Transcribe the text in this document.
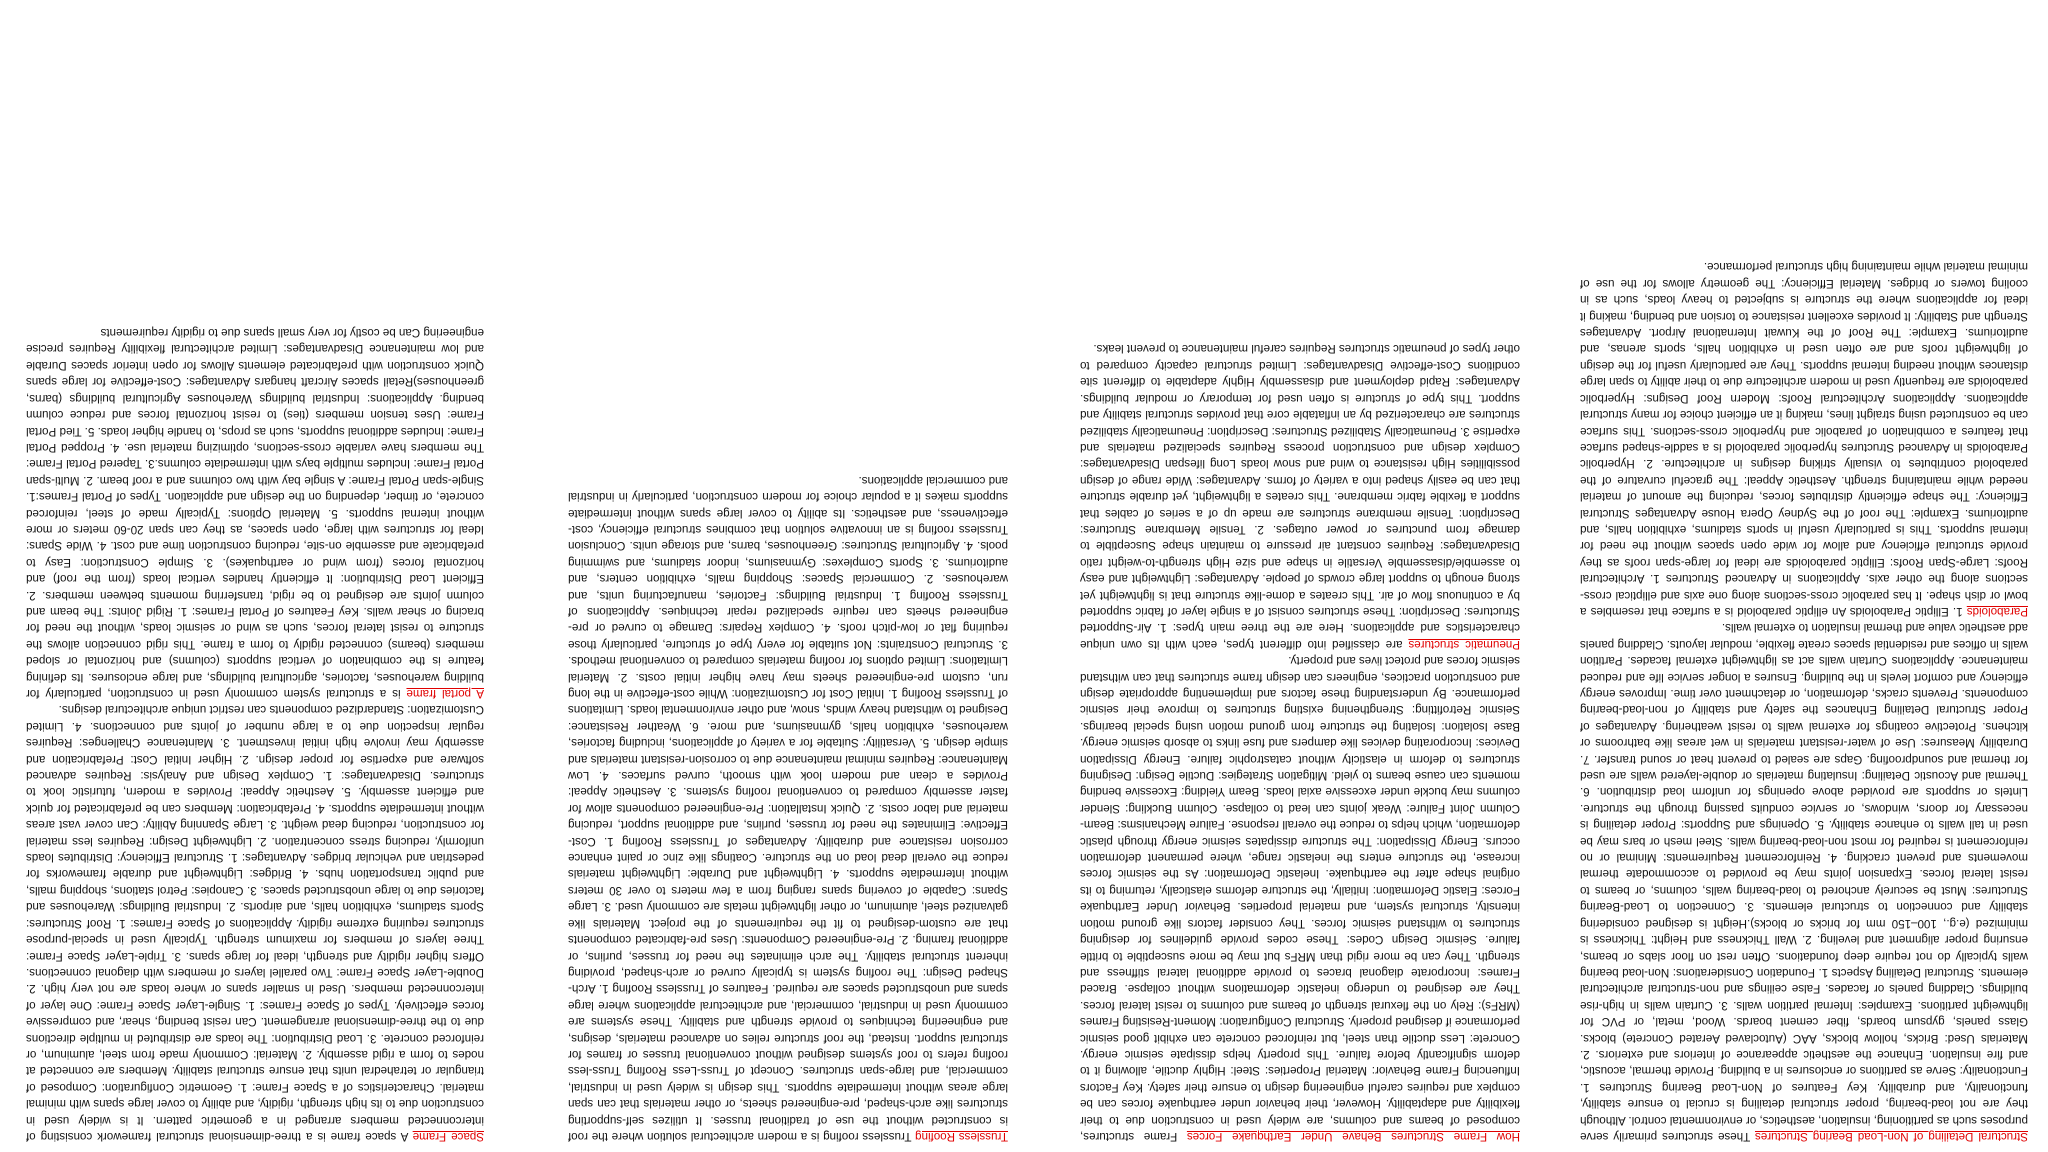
Structural Detailing of Non-Load Bearing Structures These structures primarily serve purposes such as partitioning, insulation, aesthetics, or environmental control. Although they are not load-bearing, proper structural detailing is crucial to ensure stability, functionality, and durability. Key Features of Non-Load Bearing Structures 1. Functionality: Serve as partitions or enclosures in a building. Provide thermal, acoustic, and fire insulation. Enhance the aesthetic appearance of interiors and exteriors. 2. Materials Used: Bricks, hollow blocks, AAC (Autoclaved Aerated Concrete) blocks. Glass panels, gypsum boards, fiber cement boards. Wood, metal, or PVC for lightweight partitions. Examples: Internal partition walls. 3. Curtain walls in high-rise buildings. Cladding panels or facades. False ceilings and non-structural architectural elements. Structural Detailing Aspects 1. Foundation Considerations: Non-load bearing walls typically do not require deep foundations. Often rest on floor slabs or beams, ensuring proper alignment and leveling. 2. Wall Thickness and Height: Thickness is minimized (e.g., 100–150 mm for bricks or blocks).Height is designed considering stability and connection to structural elements. 3. Connection to Load-Bearing Structures: Must be securely anchored to load-bearing walls, columns, or beams to resist lateral forces. Expansion joints may be provided to accommodate thermal movements and prevent cracking. 4. Reinforcement Requirements: Minimal or no reinforcement is required for most non-load-bearing walls. Steel mesh or bars may be used in tall walls to enhance stability. 5. Openings and Supports: Proper detailing is necessary for doors, windows, or service conduits passing through the structure. Lintels or supports are provided above openings for uniform load distribution. 6. Thermal and Acoustic Detailing: Insulating materials or double-layered walls are used for thermal and soundproofing. Gaps are sealed to prevent heat or sound transfer. 7. Durability Measures: Use of water-resistant materials in wet areas like bathrooms or kitchens. Protective coatings for external walls to resist weathering. Advantages of Proper Structural Detailing Enhances the safety and stability of non-load-bearing components. Prevents cracks, deformation, or detachment over time. Improves energy efficiency and comfort levels in the building. Ensures a longer service life and reduced maintenance. Applications Curtain walls act as lightweight external facades. Partition walls in offices and residential spaces create flexible, modular layouts. Cladding panels add aesthetic value and thermal insulation to external walls.

Paraboloids 1. Elliptic Paraboloids An elliptic paraboloid is a surface that resembles a bowl or dish shape. It has parabolic cross-sections along one axis and elliptical cross-sections along the other axis. Applications in Advanced Structures 1. Architectural Roofs: Large-Span Roofs: Elliptic paraboloids are ideal for large-span roofs as they provide structural efficiency and allow for wide open spaces without the need for internal supports. This is particularly useful in sports stadiums, exhibition halls, and auditoriums. Example: The roof of the Sydney Opera House Advantages Structural Efficiency: The shape efficiently distributes forces, reducing the amount of material needed while maintaining strength. Aesthetic Appeal: The graceful curvature of the paraboloid contributes to visually striking designs in architecture. 2. Hyperbolic Paraboloids in Advanced Structures hyperbolic paraboloid is a saddle-shaped surface that features a combination of parabolic and hyperbolic cross-sections. This surface can be constructed using straight lines, making it an efficient choice for many structural applications. Applications Architectural Roofs: Modern Roof Designs: Hyperbolic paraboloids are frequently used in modern architecture due to their ability to span large distances without needing internal supports. They are particularly useful for the design of lightweight roofs and are often used in exhibition halls, sports arenas, and auditoriums. Example: The Roof of the Kuwait International Airport. Advantages Strength and Stability: It provides excellent resistance to torsion and bending, making it ideal for applications where the structure is subjected to heavy loads, such as in cooling towers or bridges. Material Efficiency: The geometry allows for the use of minimal material while maintaining high structural performance.

How Frame Structures Behave Under Earthquake Forces Frame structures, composed of beams and columns, are widely used in construction due to their flexibility and adaptability. However, their behavior under earthquake forces can be complex and requires careful engineering design to ensure their safety. Key Factors Influencing Frame Behavior: Material Properties: Steel: Highly ductile, allowing it to deform significantly before failure. This property helps dissipate seismic energy. Concrete: Less ductile than steel, but reinforced concrete can exhibit good seismic performance if designed properly. Structural Configuration: Moment-Resisting Frames (MRFs): Rely on the flexural strength of beams and columns to resist lateral forces. They are designed to undergo inelastic deformations without collapse. Braced Frames: Incorporate diagonal braces to provide additional lateral stiffness and strength. They can be more rigid than MRFs but may be more susceptible to brittle failure. Seismic Design Codes: These codes provide guidelines for designing structures to withstand seismic forces. They consider factors like ground motion intensity, structural system, and material properties. Behavior Under Earthquake Forces: Elastic Deformation: Initially, the structure deforms elastically, returning to its original shape after the earthquake. Inelastic Deformation: As the seismic forces increase, the structure enters the inelastic range, where permanent deformation occurs. Energy Dissipation: The structure dissipates seismic energy through plastic deformation, which helps to reduce the overall response. Failure Mechanisms: Beam-Column Joint Failure: Weak joints can lead to collapse. Column Buckling: Slender columns may buckle under excessive axial loads. Beam Yielding: Excessive bending moments can cause beams to yield. Mitigation Strategies: Ductile Design: Designing structures to deform in elasticity without catastrophic failure. Energy Dissipation Devices: Incorporating devices like dampers and fuse links to absorb seismic energy. Base Isolation: Isolating the structure from ground motion using special bearings. Seismic Retrofitting: Strengthening existing structures to improve their seismic performance. By understanding these factors and implementing appropriate design and construction practices, engineers can design frame structures that can withstand seismic forces and protect lives and property.

Pneumatic structures are classified into different types, each with its own unique characteristics and applications. Here are the three main types: 1. Air-Supported Structures: Description: These structures consist of a single layer of fabric supported by a continuous flow of air. This creates a dome-like structure that is lightweight yet strong enough to support large crowds of people. Advantages: Lightweight and easy to assemble/disassemble Versatile in shape and size High strength-to-weight ratio Disadvantages: Requires constant air pressure to maintain shape Susceptible to damage from punctures or power outages. 2. Tensile Membrane Structures: Description: Tensile membrane structures are made up of a series of cables that support a flexible fabric membrane. This creates a lightweight, yet durable structure that can be easily shaped into a variety of forms. Advantages: Wide range of design possibilities High resistance to wind and snow loads Long lifespan Disadvantages: Complex design and construction process Requires specialized materials and expertise 3. Pneumatically Stabilized Structures: Description: Pneumatically stabilized structures are characterized by an inflatable core that provides structural stability and support. This type of structure is often used for temporary or modular buildings. Advantages: Rapid deployment and disassembly Highly adaptable to different site conditions Cost-effective Disadvantages: Limited structural capacity compared to other types of pneumatic structures Requires careful maintenance to prevent leaks.

Trussless Roofing Trussless roofing is a modern architectural solution where the roof is constructed without the use of traditional trusses. It utilizes self-supporting structures like arch-shaped, pre-engineered sheets, or other materials that can span large areas without intermediate supports. This design is widely used in industrial, commercial, and large-span structures. Concept of Truss-Less Roofing Truss-less roofing refers to roof systems designed without conventional trusses or frames for structural support. Instead, the roof structure relies on advanced materials, designs, and engineering techniques to provide strength and stability. These systems are commonly used in industrial, commercial, and architectural applications where large spans and unobstructed spaces are required. Features of Trussless Roofing 1. Arch-Shaped Design: The roofing system is typically curved or arch-shaped, providing inherent structural stability. The arch eliminates the need for trusses, purlins, or additional framing. 2. Pre-engineered Components: Uses pre-fabricated components that are custom-designed to fit the requirements of the project. Materials like galvanized steel, aluminum, or other lightweight metals are commonly used. 3. Large Spans: Capable of covering spans ranging from a few meters to over 30 meters without intermediate supports. 4. Lightweight and Durable: Lightweight materials reduce the overall dead load on the structure. Coatings like zinc or paint enhance corrosion resistance and durability. Advantages of Trussless Roofing 1. Cost-Effective: Eliminates the need for trusses, purlins, and additional support, reducing material and labor costs. 2. Quick Installation: Pre-engineered components allow for faster assembly compared to conventional roofing systems. 3. Aesthetic Appeal: Provides a clean and modern look with smooth, curved surfaces. 4. Low Maintenance: Requires minimal maintenance due to corrosion-resistant materials and simple design. 5. Versatility: Suitable for a variety of applications, including factories, warehouses, exhibition halls, gymnasiums, and more. 6. Weather Resistance: Designed to withstand heavy winds, snow, and other environmental loads. Limitations of Trussless Roofing 1. Initial Cost for Customization: While cost-effective in the long run, custom pre-engineered sheets may have higher initial costs. 2. Material Limitations: Limited options for roofing materials compared to conventional methods. 3. Structural Constraints: Not suitable for every type of structure, particularly those requiring flat or low-pitch roofs. 4. Complex Repairs: Damage to curved or pre-engineered sheets can require specialized repair techniques. Applications of Trussless Roofing 1. Industrial Buildings: Factories, manufacturing units, and warehouses. 2. Commercial Spaces: Shopping malls, exhibition centers, and auditoriums. 3. Sports Complexes: Gymnasiums, indoor stadiums, and swimming pools. 4. Agricultural Structures: Greenhouses, barns, and storage units. Conclusion Trussless roofing is an innovative solution that combines structural efficiency, cost-effectiveness, and aesthetics. Its ability to cover large spans without intermediate supports makes it a popular choice for modern construction, particularly in industrial and commercial applications.

Space Frame A space frame is a three-dimensional structural framework consisting of interconnected members arranged in a geometric pattern. It is widely used in construction due to its high strength, rigidity, and ability to cover large spans with minimal material. Characteristics of a Space Frame: 1. Geometric Configuration: Composed of triangular or tetrahedral units that ensure structural stability. Members are connected at nodes to form a rigid assembly. 2. Material: Commonly made from steel, aluminum, or reinforced concrete. 3. Load Distribution: The loads are distributed in multiple directions due to the three-dimensional arrangement. Can resist bending, shear, and compressive forces effectively. Types of Space Frames: 1. Single-Layer Space Frame: One layer of interconnected members. Used in smaller spans or where loads are not very high. 2. Double-Layer Space Frame: Two parallel layers of members with diagonal connections. Offers higher rigidity and strength, ideal for large spans. 3. Triple-Layer Space Frame: Three layers of members for maximum strength. Typically used in special-purpose structures requiring extreme rigidity. Applications of Space Frames: 1. Roof Structures: Sports stadiums, exhibition halls, and airports. 2. Industrial Buildings: Warehouses and factories due to large unobstructed spaces. 3. Canopies: Petrol stations, shopping malls, and public transportation hubs. 4. Bridges: Lightweight and durable frameworks for pedestrian and vehicular bridges. Advantages: 1. Structural Efficiency: Distributes loads uniformly, reducing stress concentration. 2. Lightweight Design: Requires less material for construction, reducing dead weight. 3. Large Spanning Ability: Can cover vast areas without intermediate supports. 4. Prefabrication: Members can be prefabricated for quick and efficient assembly. 5. Aesthetic Appeal: Provides a modern, futuristic look to structures. Disadvantages: 1. Complex Design and Analysis: Requires advanced software and expertise for proper design. 2. Higher Initial Cost: Prefabrication and assembly may involve high initial investment. 3. Maintenance Challenges: Requires regular inspection due to a large number of joints and connections. 4. Limited Customization: Standardized components can restrict unique architectural designs.

A portal frame is a structural system commonly used in construction, particularly for building warehouses, factories, agricultural buildings, and large enclosures. Its defining feature is the combination of vertical supports (columns) and horizontal or sloped members (beams) connected rigidly to form a frame. This rigid connection allows the structure to resist lateral forces, such as wind or seismic loads, without the need for bracing or shear walls. Key Features of Portal Frames: 1. Rigid Joints: The beam and column joints are designed to be rigid, transferring moments between members. 2. Efficient Load Distribution: It efficiently handles vertical loads (from the roof) and horizontal forces (from wind or earthquakes). 3. Simple Construction: Easy to prefabricate and assemble on-site, reducing construction time and cost. 4. Wide Spans: Ideal for structures with large, open spaces, as they can span 20-60 meters or more without internal supports. 5. Material Options: Typically made of steel, reinforced concrete, or timber, depending on the design and application. Types of Portal Frames:1. Single-span Portal Frame: A single bay with two columns and a roof beam. 2. Multi-span Portal Frame: Includes multiple bays with intermediate columns.3. Tapered Portal Frame: The members have variable cross-sections, optimizing material use. 4. Propped Portal Frame: Includes additional supports, such as props, to handle higher loads. 5. Tied Portal Frame: Uses tension members (ties) to resist horizontal forces and reduce column bending. Applications: Industrial buildings Warehouses Agricultural buildings (barns, greenhouses)Retail spaces Aircraft hangars Advantages: Cost-effective for large spans Quick construction with prefabricated elements Allows for open interior spaces Durable and low maintenance Disadvantages: Limited architectural flexibility Requires precise engineering Can be costly for very small spans due to rigidity requirements
